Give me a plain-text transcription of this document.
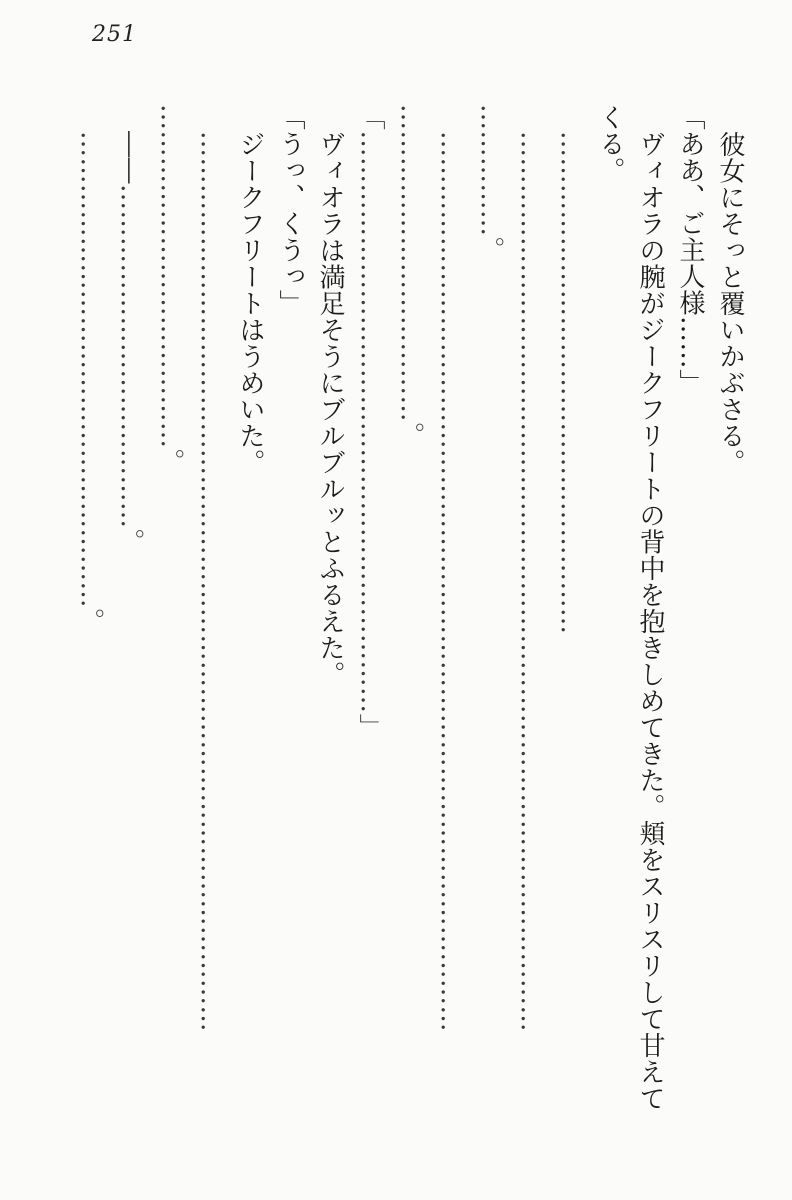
251

彼女にそっと覆いかぶさる。

「ああ、ご主人様……」

ヴィオラの腕がジークフリートの背中を抱きしめてきた。頬をスリスリして甘えて

くる。

…………………………………………………

…………………………………………………………………………………………

……………。

…………………………………………………………………………………………

………………………………。

「…………………………………………………………」

ヴィオラは満足そうにブルブルッとふるえた。

「うっ、くうっ」

ジークフリートはうめいた。

…………………………………………………………………………………………

…………………………………。

――…………………………………。

………………………………………………。
